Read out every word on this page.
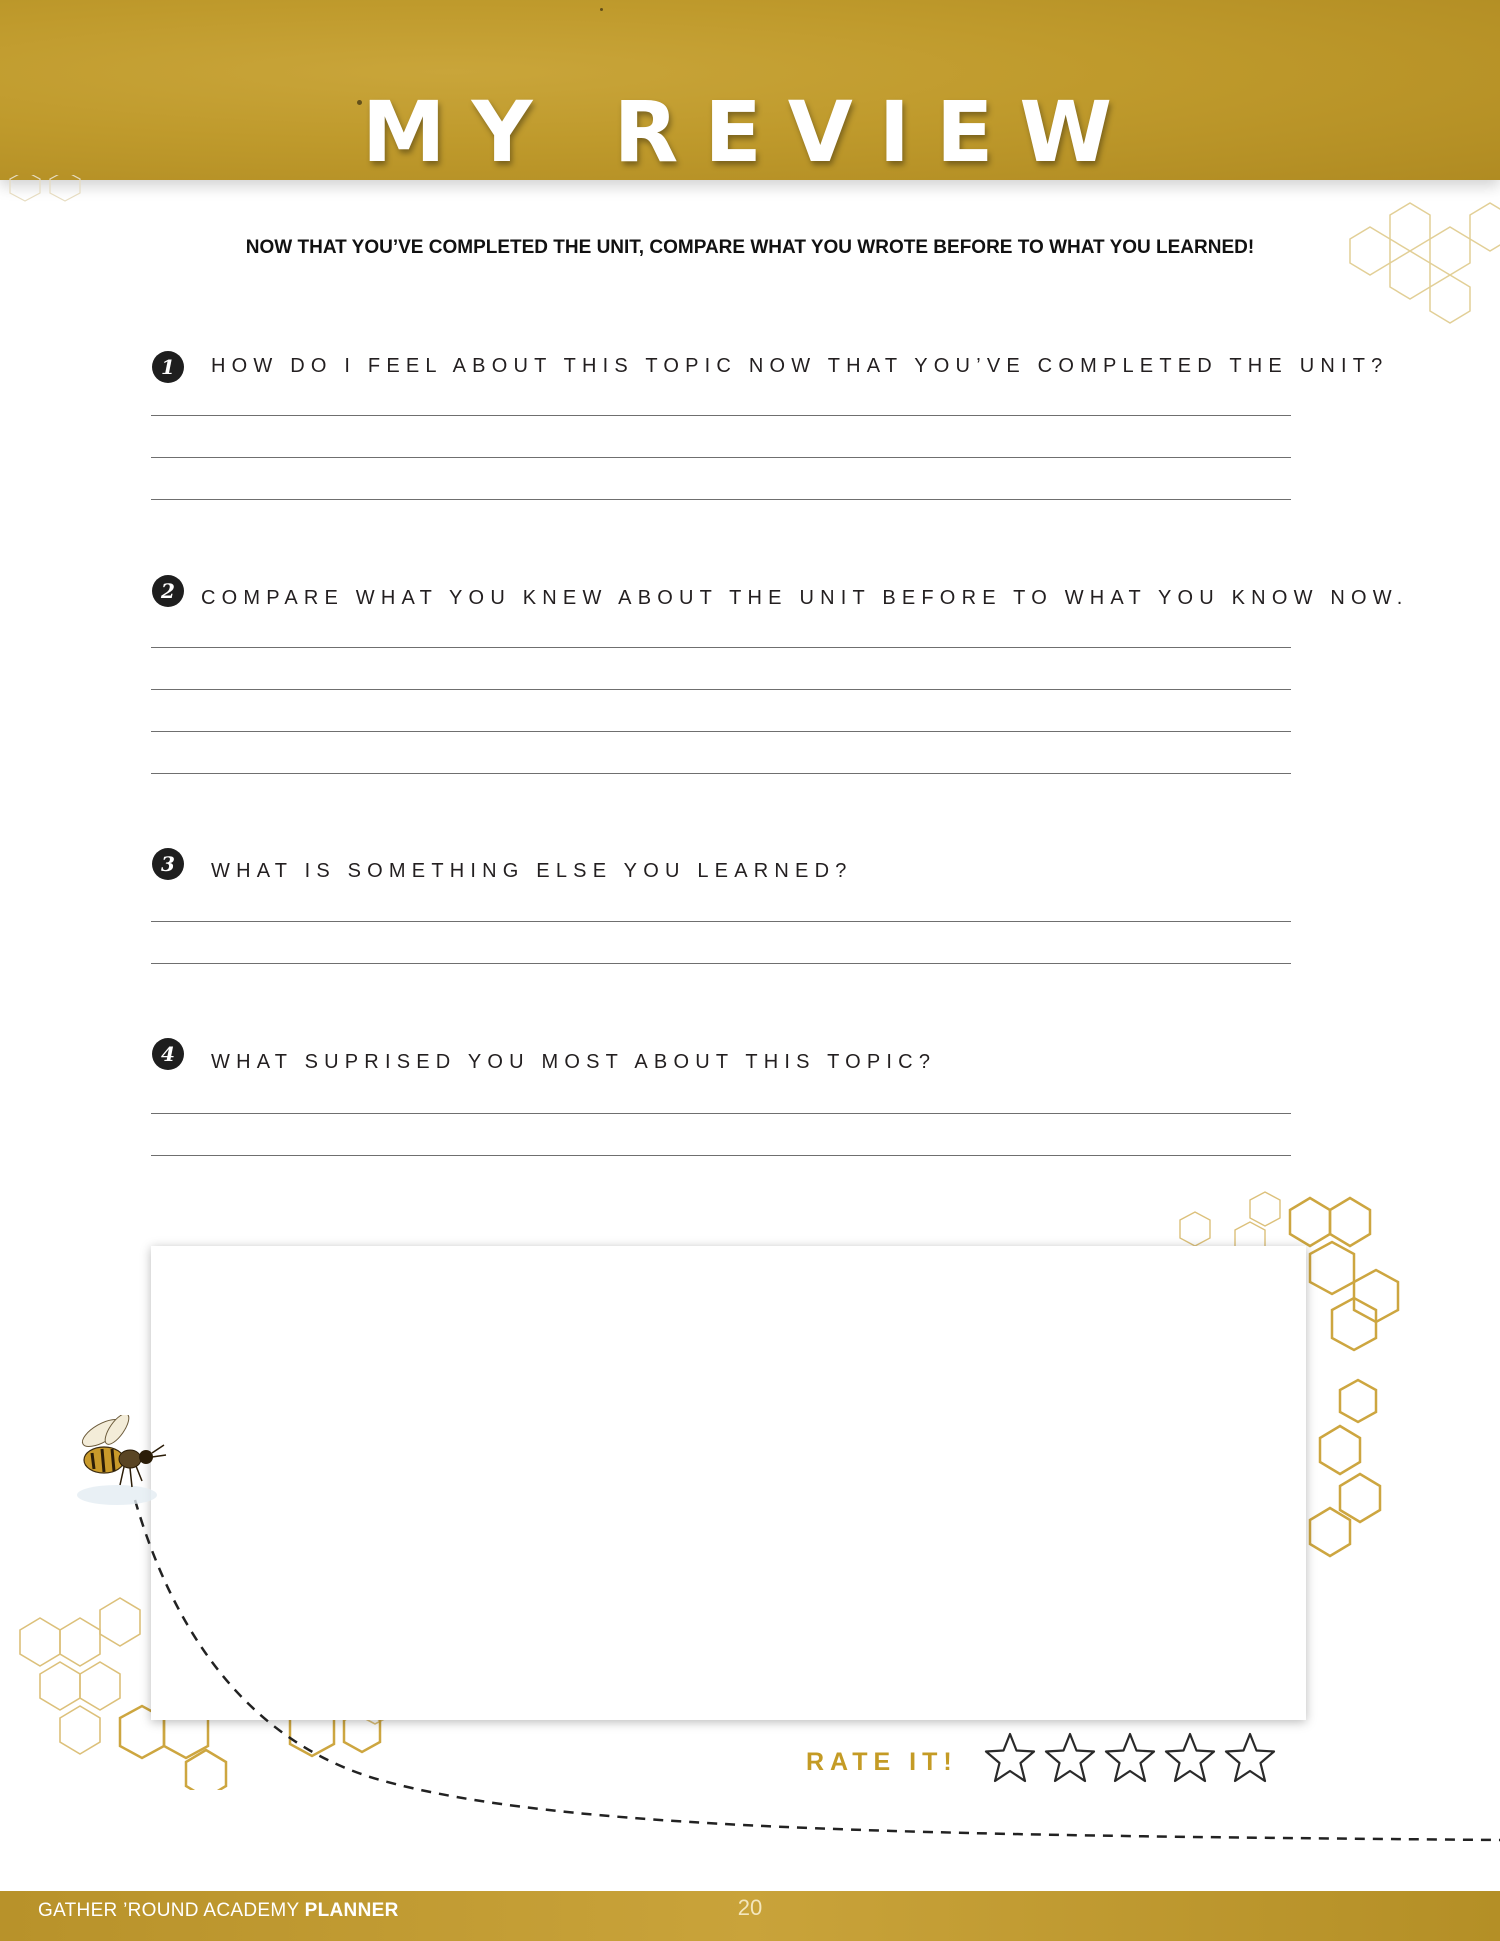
MY REVIEW
NOW THAT YOU’VE COMPLETED THE UNIT, COMPARE WHAT YOU WROTE BEFORE TO WHAT YOU LEARNED!
1	HOW DO I FEEL ABOUT THIS TOPIC NOW THAT YOU’VE COMPLETED THE UNIT?
2	COMPARE WHAT YOU KNEW ABOUT THE UNIT BEFORE TO WHAT YOU KNOW NOW.
3	WHAT IS SOMETHING ELSE YOU LEARNED?
4	WHAT SUPRISED YOU MOST ABOUT THIS TOPIC?
RATE IT!
GATHER ’ROUND ACADEMY PLANNER	20
